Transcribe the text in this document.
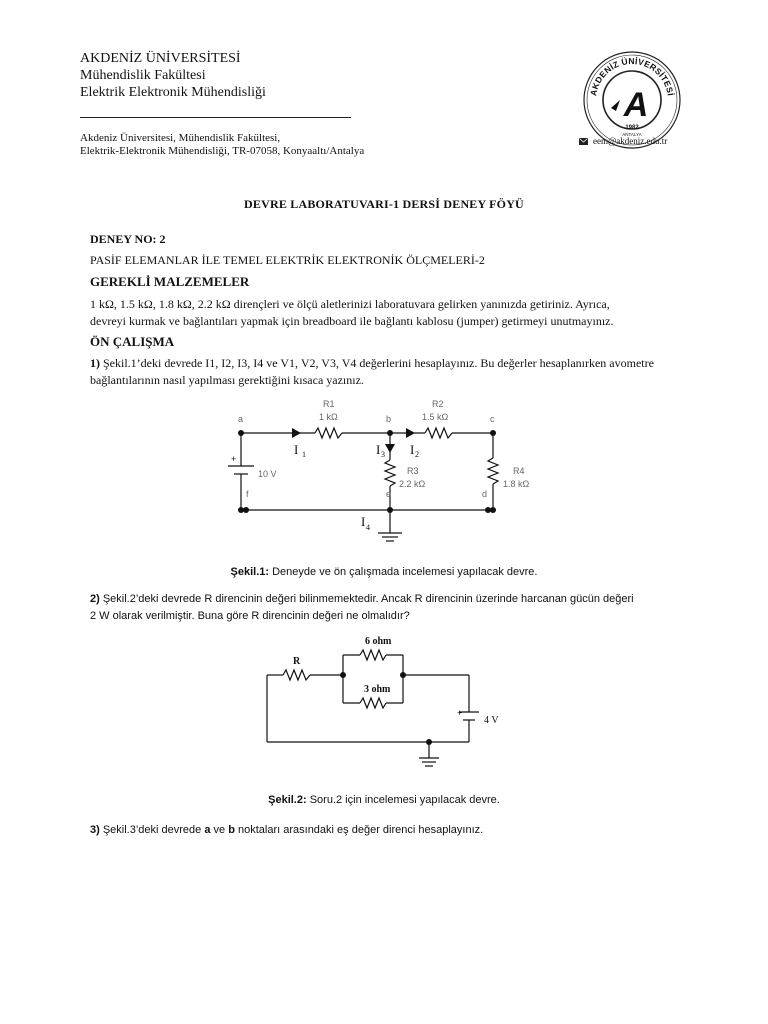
AKDENİZ ÜNİVERSİTESİ
Mühendislik Fakültesi
Elektrik Elektronik Mühendisliği
Akdeniz Üniversitesi, Mühendislik Fakültesi,
Elektrik-Elektronik Mühendisliği, TR-07058, Konyaaltı/Antalya
AKDENİZ ÜNİVERSİTESİ
A
1982
ANTALYA
eem@akdeniz.edu.tr
DEVRE LABORATUVARI-1 DERSİ DENEY FÖYÜ
DENEY NO: 2
PASİF ELEMANLAR İLE TEMEL ELEKTRİK ELEKTRONİK ÖLÇMELERİ-2
GEREKLİ MALZEMELER
1 kΩ, 1.5 kΩ, 1.8 kΩ, 2.2 kΩ dirençleri ve ölçü aletlerinizi laboratuvara gelirken yanınızda getiriniz. Ayrıca,
devreyi kurmak ve bağlantıları yapmak için breadboard ile bağlantı kablosu (jumper) getirmeyi unutmayınız.
ÖN ÇALIŞMA
1) Şekil.1’deki devrede I1, I2, I3, I4 ve V1, V2, V3, V4 değerlerini hesaplayınız. Bu değerler hesaplanırken avometre
bağlantılarının nasıl yapılması gerektiğini kısaca yazınız.
+
a	b	c
d
e
f
R1
1 kΩ
R2
1.5 kΩ
R3
2.2 kΩ
R4
1.8 kΩ
10 V
I 1	I 3 I 2
I 4
Şekil.1: Deneyde ve ön çalışmada incelemesi yapılacak devre.
2) Şekil.2’deki devrede R direncinin değeri bilinmemektedir. Ancak R direncinin üzerinde harcanan gücün değeri
2 W olarak verilmiştir. Buna göre R direncinin değeri ne olmalıdır?
+
R
6 ohm
3 ohm
4 V
Şekil.2: Soru.2 için incelemesi yapılacak devre.
3) Şekil.3’deki devrede a ve b noktaları arasındaki eş değer direnci hesaplayınız.
